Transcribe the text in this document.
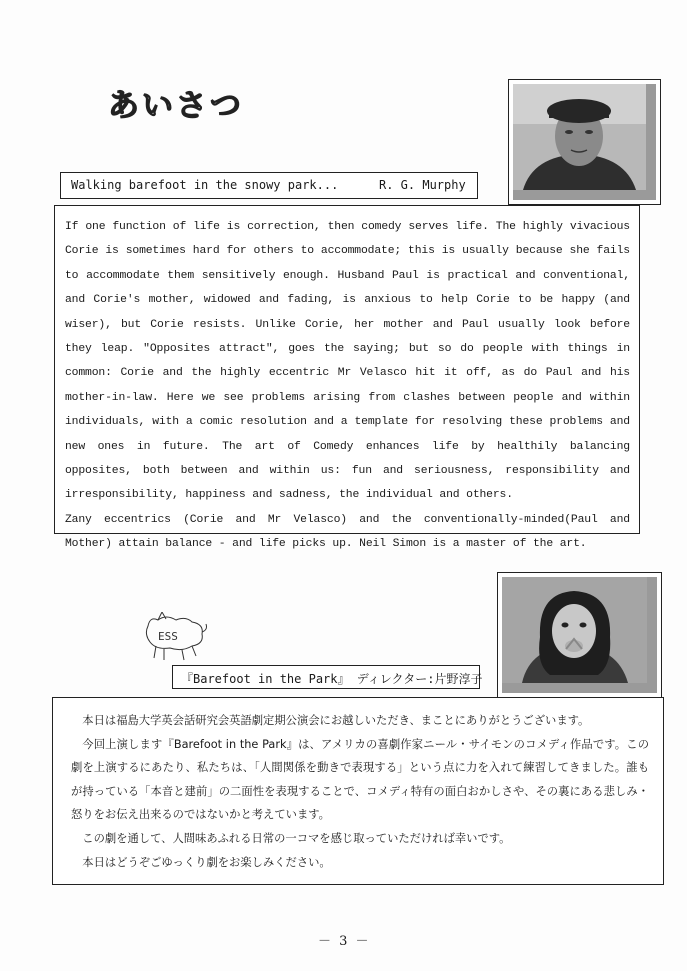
あいさつ
Walking barefoot in the snowy park...	R. G. Murphy

If one function of life is correction, then comedy serves life. The highly vivacious Corie is sometimes hard for others to accommodate; this is usually because she fails to accommodate them sensitively enough. Husband Paul is practical and conventional, and Corie's mother, widowed and fading, is anxious to help Corie to be happy (and wiser), but Corie resists. Unlike Corie, her mother and Paul usually look before they leap. "Opposites attract", goes the saying; but so do people with things in common: Corie and the highly eccentric Mr Velasco hit it off, as do Paul and his mother-in-law. Here we see problems arising from clashes between people and within individuals, with a comic resolution and a template for resolving these problems and new ones in future. The art of Comedy enhances life by healthily balancing opposites, both between and within us: fun and seriousness, responsibility and irresponsibility, happiness and sadness, the individual and others.

Zany eccentrics (Corie and Mr Velasco) and the conventionally-minded(Paul and Mother) attain balance - and life picks up. Neil Simon is a master of the art.

ESS
『Barefoot in the Park』 ディレクター:片野淳子

本日は福島大学英会話研究会英語劇定期公演会にお越しいただき、まことにありがとうございます。

今回上演します『Barefoot in the Park』は、アメリカの喜劇作家ニール・サイモンのコメディ作品です。この劇を上演するにあたり、私たちは、「人間関係を動きで表現する」という点に力を入れて練習してきました。誰もが持っている「本音と建前」の二面性を表現することで、コメディ特有の面白おかしさや、その裏にある悲しみ・怒りをお伝え出来るのではないかと考えています。

この劇を通して、人間味あふれる日常の一コマを感じ取っていただければ幸いです。

本日はどうぞごゆっくり劇をお楽しみください。

－ 3 －
